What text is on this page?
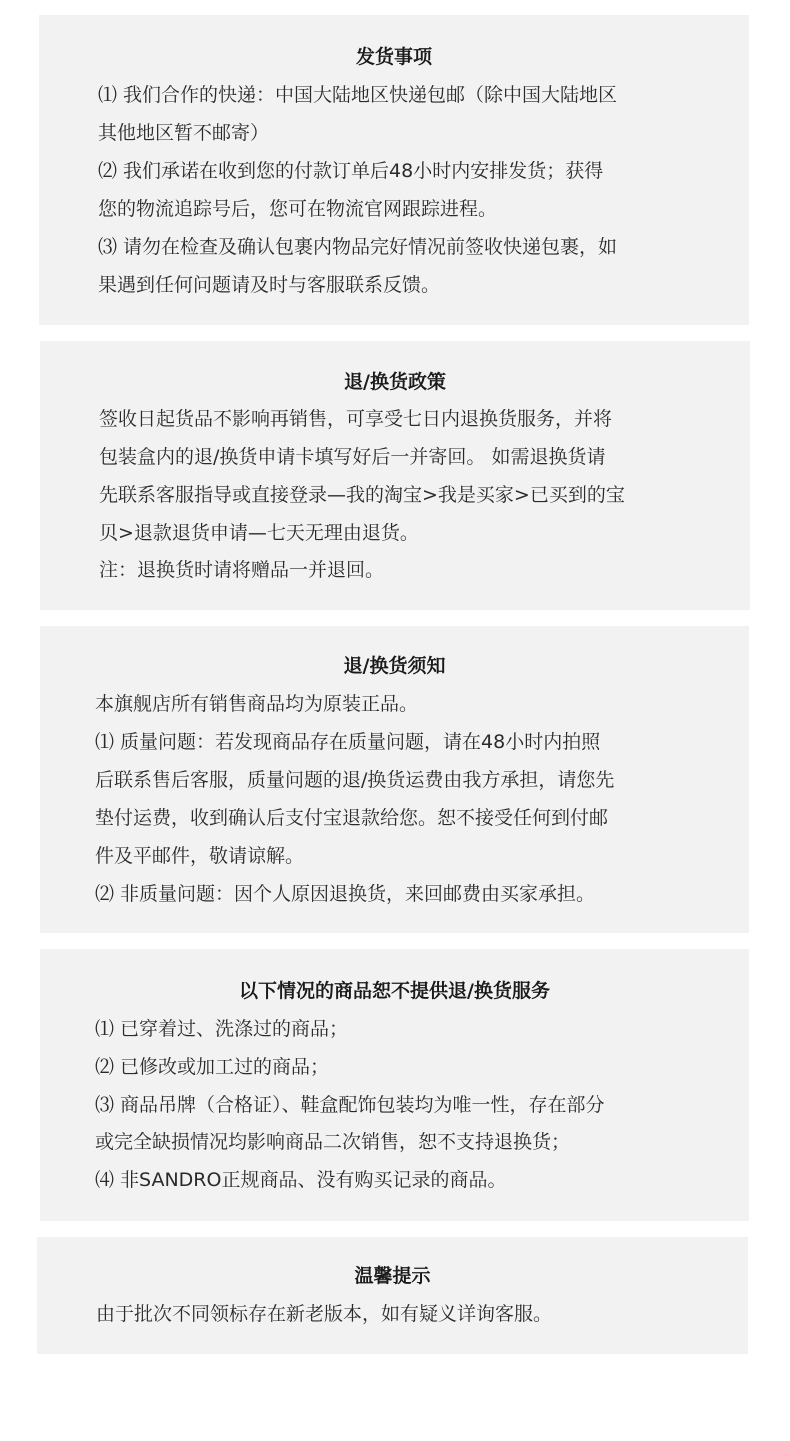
发货事项
⑴ 我们合作的快递：中国大陆地区快递包邮（除中国大陆地区
其他地区暂不邮寄）
⑵ 我们承诺在收到您的付款订单后48小时内安排发货；获得
您的物流追踪号后，您可在物流官网跟踪进程。
⑶ 请勿在检查及确认包裹内物品完好情况前签收快递包裹，如
果遇到任何问题请及时与客服联系反馈。
退/换货政策
签收日起货品不影响再销售，可享受七日内退换货服务，并将
包装盒内的退/换货申请卡填写好后一并寄回。 如需退换货请
先联系客服指导或直接登录—我的淘宝>我是买家>已买到的宝
贝>退款退货申请—七天无理由退货。
注：退换货时请将赠品一并退回。
退/换货须知
本旗舰店所有销售商品均为原装正品。
⑴ 质量问题：若发现商品存在质量问题，请在48小时内拍照
后联系售后客服，质量问题的退/换货运费由我方承担，请您先
垫付运费，收到确认后支付宝退款给您。恕不接受任何到付邮
件及平邮件，敬请谅解。
⑵ 非质量问题：因个人原因退换货，来回邮费由买家承担。
以下情况的商品恕不提供退/换货服务
⑴ 已穿着过、洗涤过的商品；
⑵ 已修改或加工过的商品；
⑶ 商品吊牌（合格证）、鞋盒配饰包装均为唯一性，存在部分
或完全缺损情况均影响商品二次销售，恕不支持退换货；
⑷ 非SANDRO正规商品、没有购买记录的商品。
温馨提示
由于批次不同领标存在新老版本，如有疑义详询客服。
